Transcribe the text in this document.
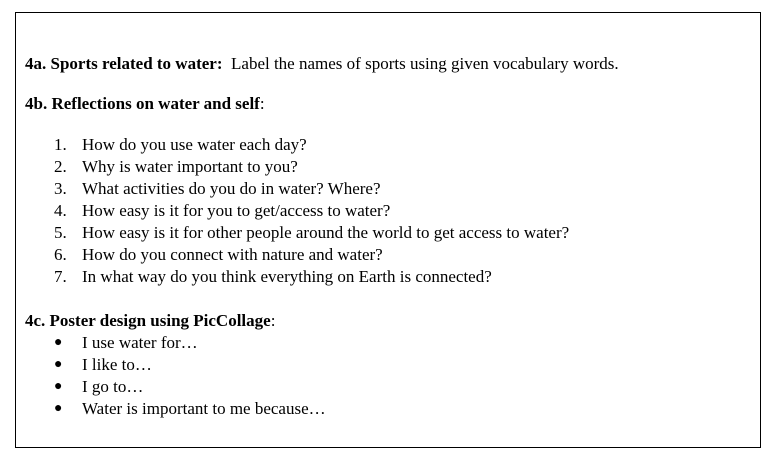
4a. Sports related to water:  Label the names of sports using given vocabulary words.
4b. Reflections on water and self:
1. How do you use water each day?
2. Why is water important to you?
3. What activities do you do in water? Where?
4. How easy is it for you to get/access to water?
5. How easy is it for other people around the world to get access to water?
6. How do you connect with nature and water?
7. In what way do you think everything on Earth is connected?
4c. Poster design using PicCollage:
● I use water for…
● I like to…
● I go to…
● Water is important to me because…
